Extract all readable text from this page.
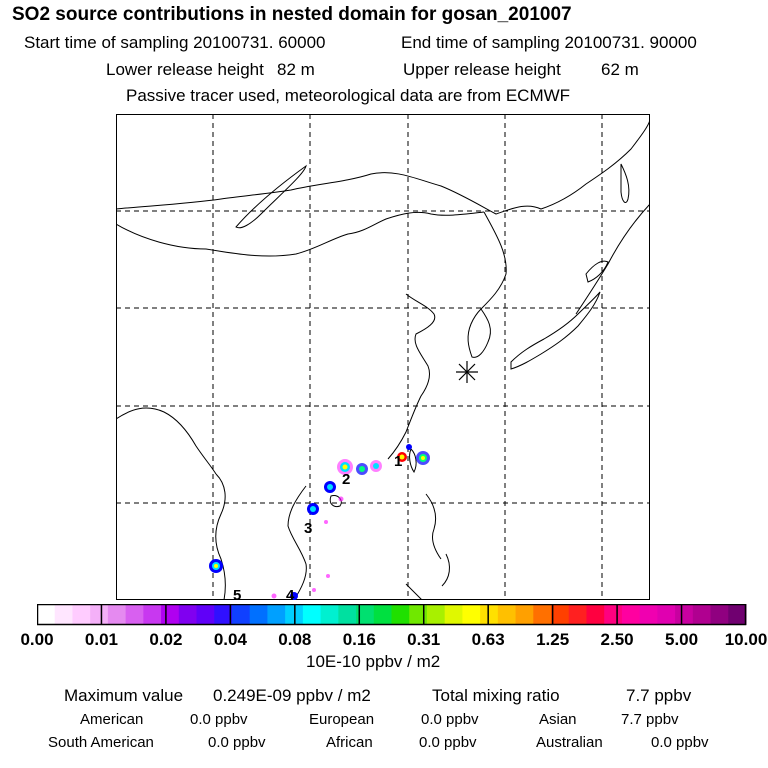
SO2 source contributions in nested domain for gosan_201007
Start time of sampling 20100731. 60000	End time of sampling 20100731. 90000
Lower release height 82 m	Upper release height 62 m
Passive tracer used, meteorological data are from ECMWF
1
2
3
4
5
0.00 0.01 0.02 0.04 0.08 0.16 0.31 0.63 1.25 2.50 5.00 10.00
10E-10 ppbv / m2
Maximum value 0.249E-09 ppbv / m2	Total mixing ratio	7.7 ppbv
American	0.0 ppbv	European	0.0 ppbv	Asian	7.7 ppbv
South American	0.0 ppbv	African	0.0 ppbv	Australian	0.0 ppbv
